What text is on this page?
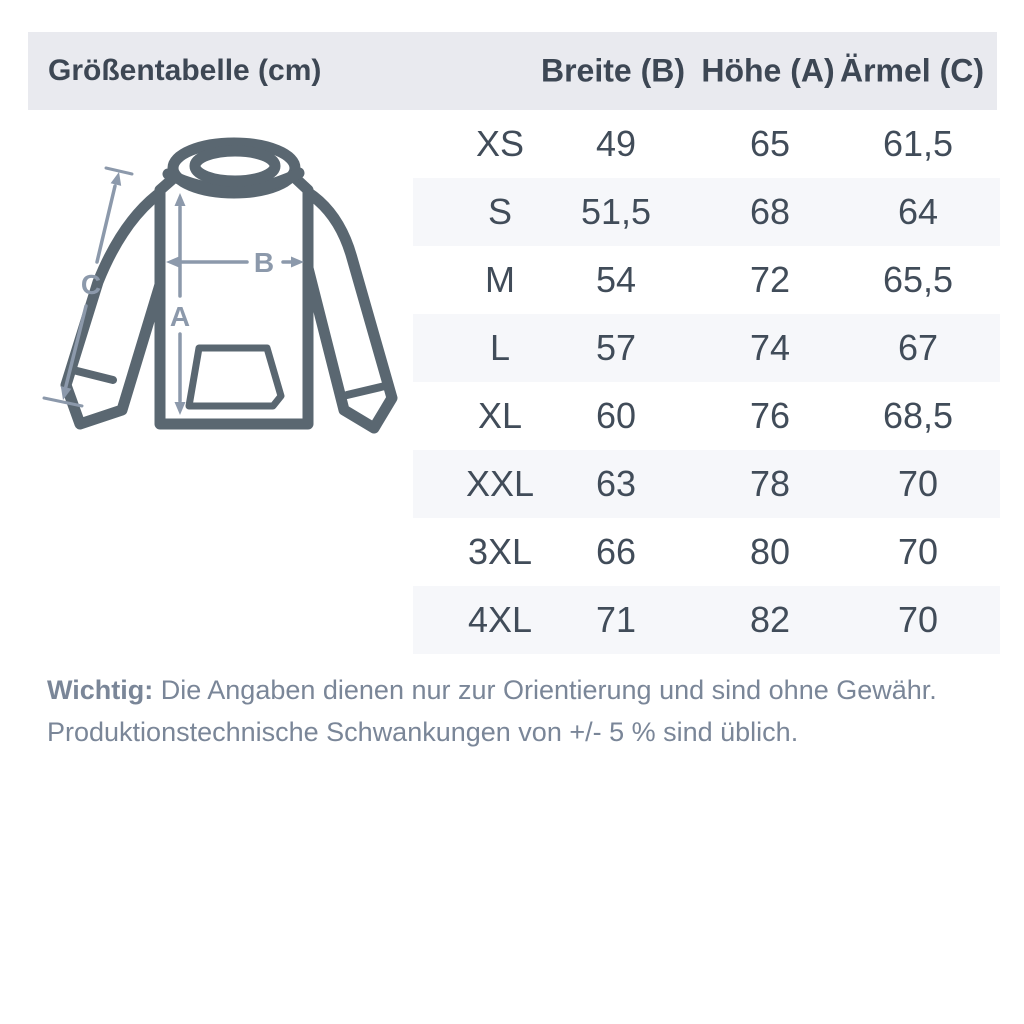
Größentabelle (cm)	Breite (B) Höhe (A) Ärmel (C)
A
B
C
XS 49	65	61,5
S 51,5	68	64
M 54	72	65,5
L 57	74	67
XL 60	76	68,5
XXL 63	78	70
3XL 66	80	70
4XL 71	82	70

Wichtig: Die Angaben dienen nur zur Orientierung und sind ohne Gewähr.
Produktionstechnische Schwankungen von +/- 5 % sind üblich.
